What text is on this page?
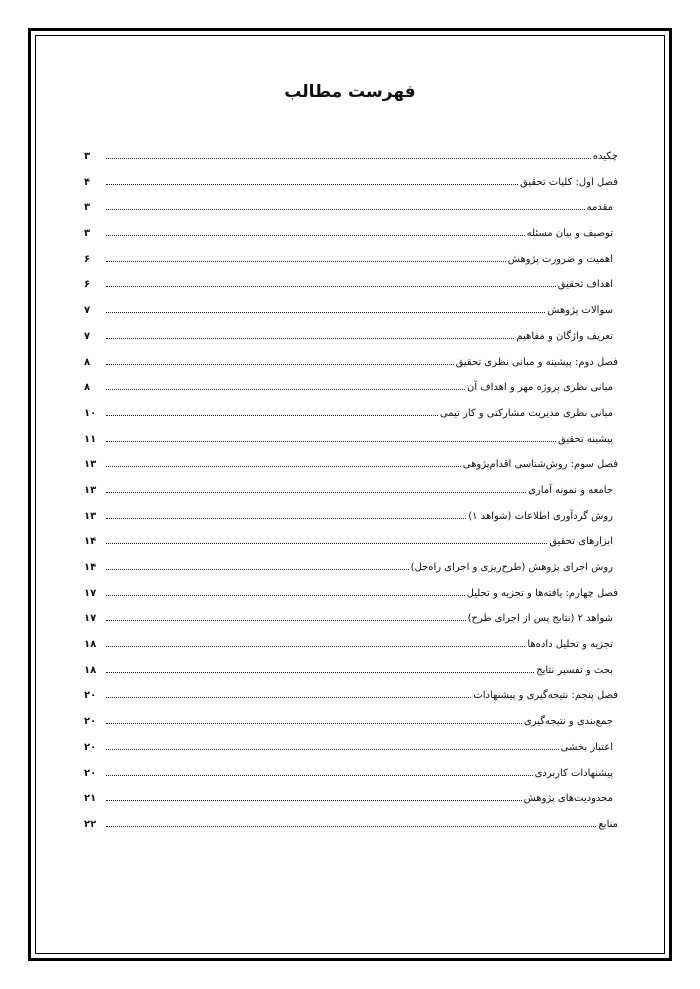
فهرست مطالب
چکیده
۳
فصل اول: کلیات تحقیق
۴
مقدمه
۳
توصیف و بیان مسئله
۳
اهمیت و ضرورت پژوهش
۶
اهداف تحقیق
۶
سوالات پژوهش
۷
تعریف واژگان و مفاهیم
۷
فصل دوم: پیشینه و مبانی نظری تحقیق
۸
مبانی نظری پروژه مهر و اهداف آن
۸
مبانی نظری مدیریت مشارکتی و کار تیمی
۱۰
پیشینه تحقیق
۱۱
فصل سوم: روش‌شناسی اقدام‌پژوهی
۱۳
جامعه و نمونه آماری
۱۳
روش گردآوری اطلاعات (شواهد ۱)
۱۳
ابزارهای تحقیق
۱۴
روش اجرای پژوهش (طرح‌ریزی و اجرای راه‌حل)
۱۴
فصل چهارم: یافته‌ها و تجزیه و تحلیل
۱۷
شواهد ۲ (نتایج پس از اجرای طرح)
۱۷
تجزیه و تحلیل داده‌ها
۱۸
بحث و تفسیر نتایج
۱۸
فصل پنجم: نتیجه‌گیری و پیشنهادات
۲۰
جمع‌بندی و نتیجه‌گیری
۲۰
اعتبار بخشی
۲۰
پیشنهادات کاربردی
۲۰
محدودیت‌های پژوهش
۲۱
منابع
۲۲
